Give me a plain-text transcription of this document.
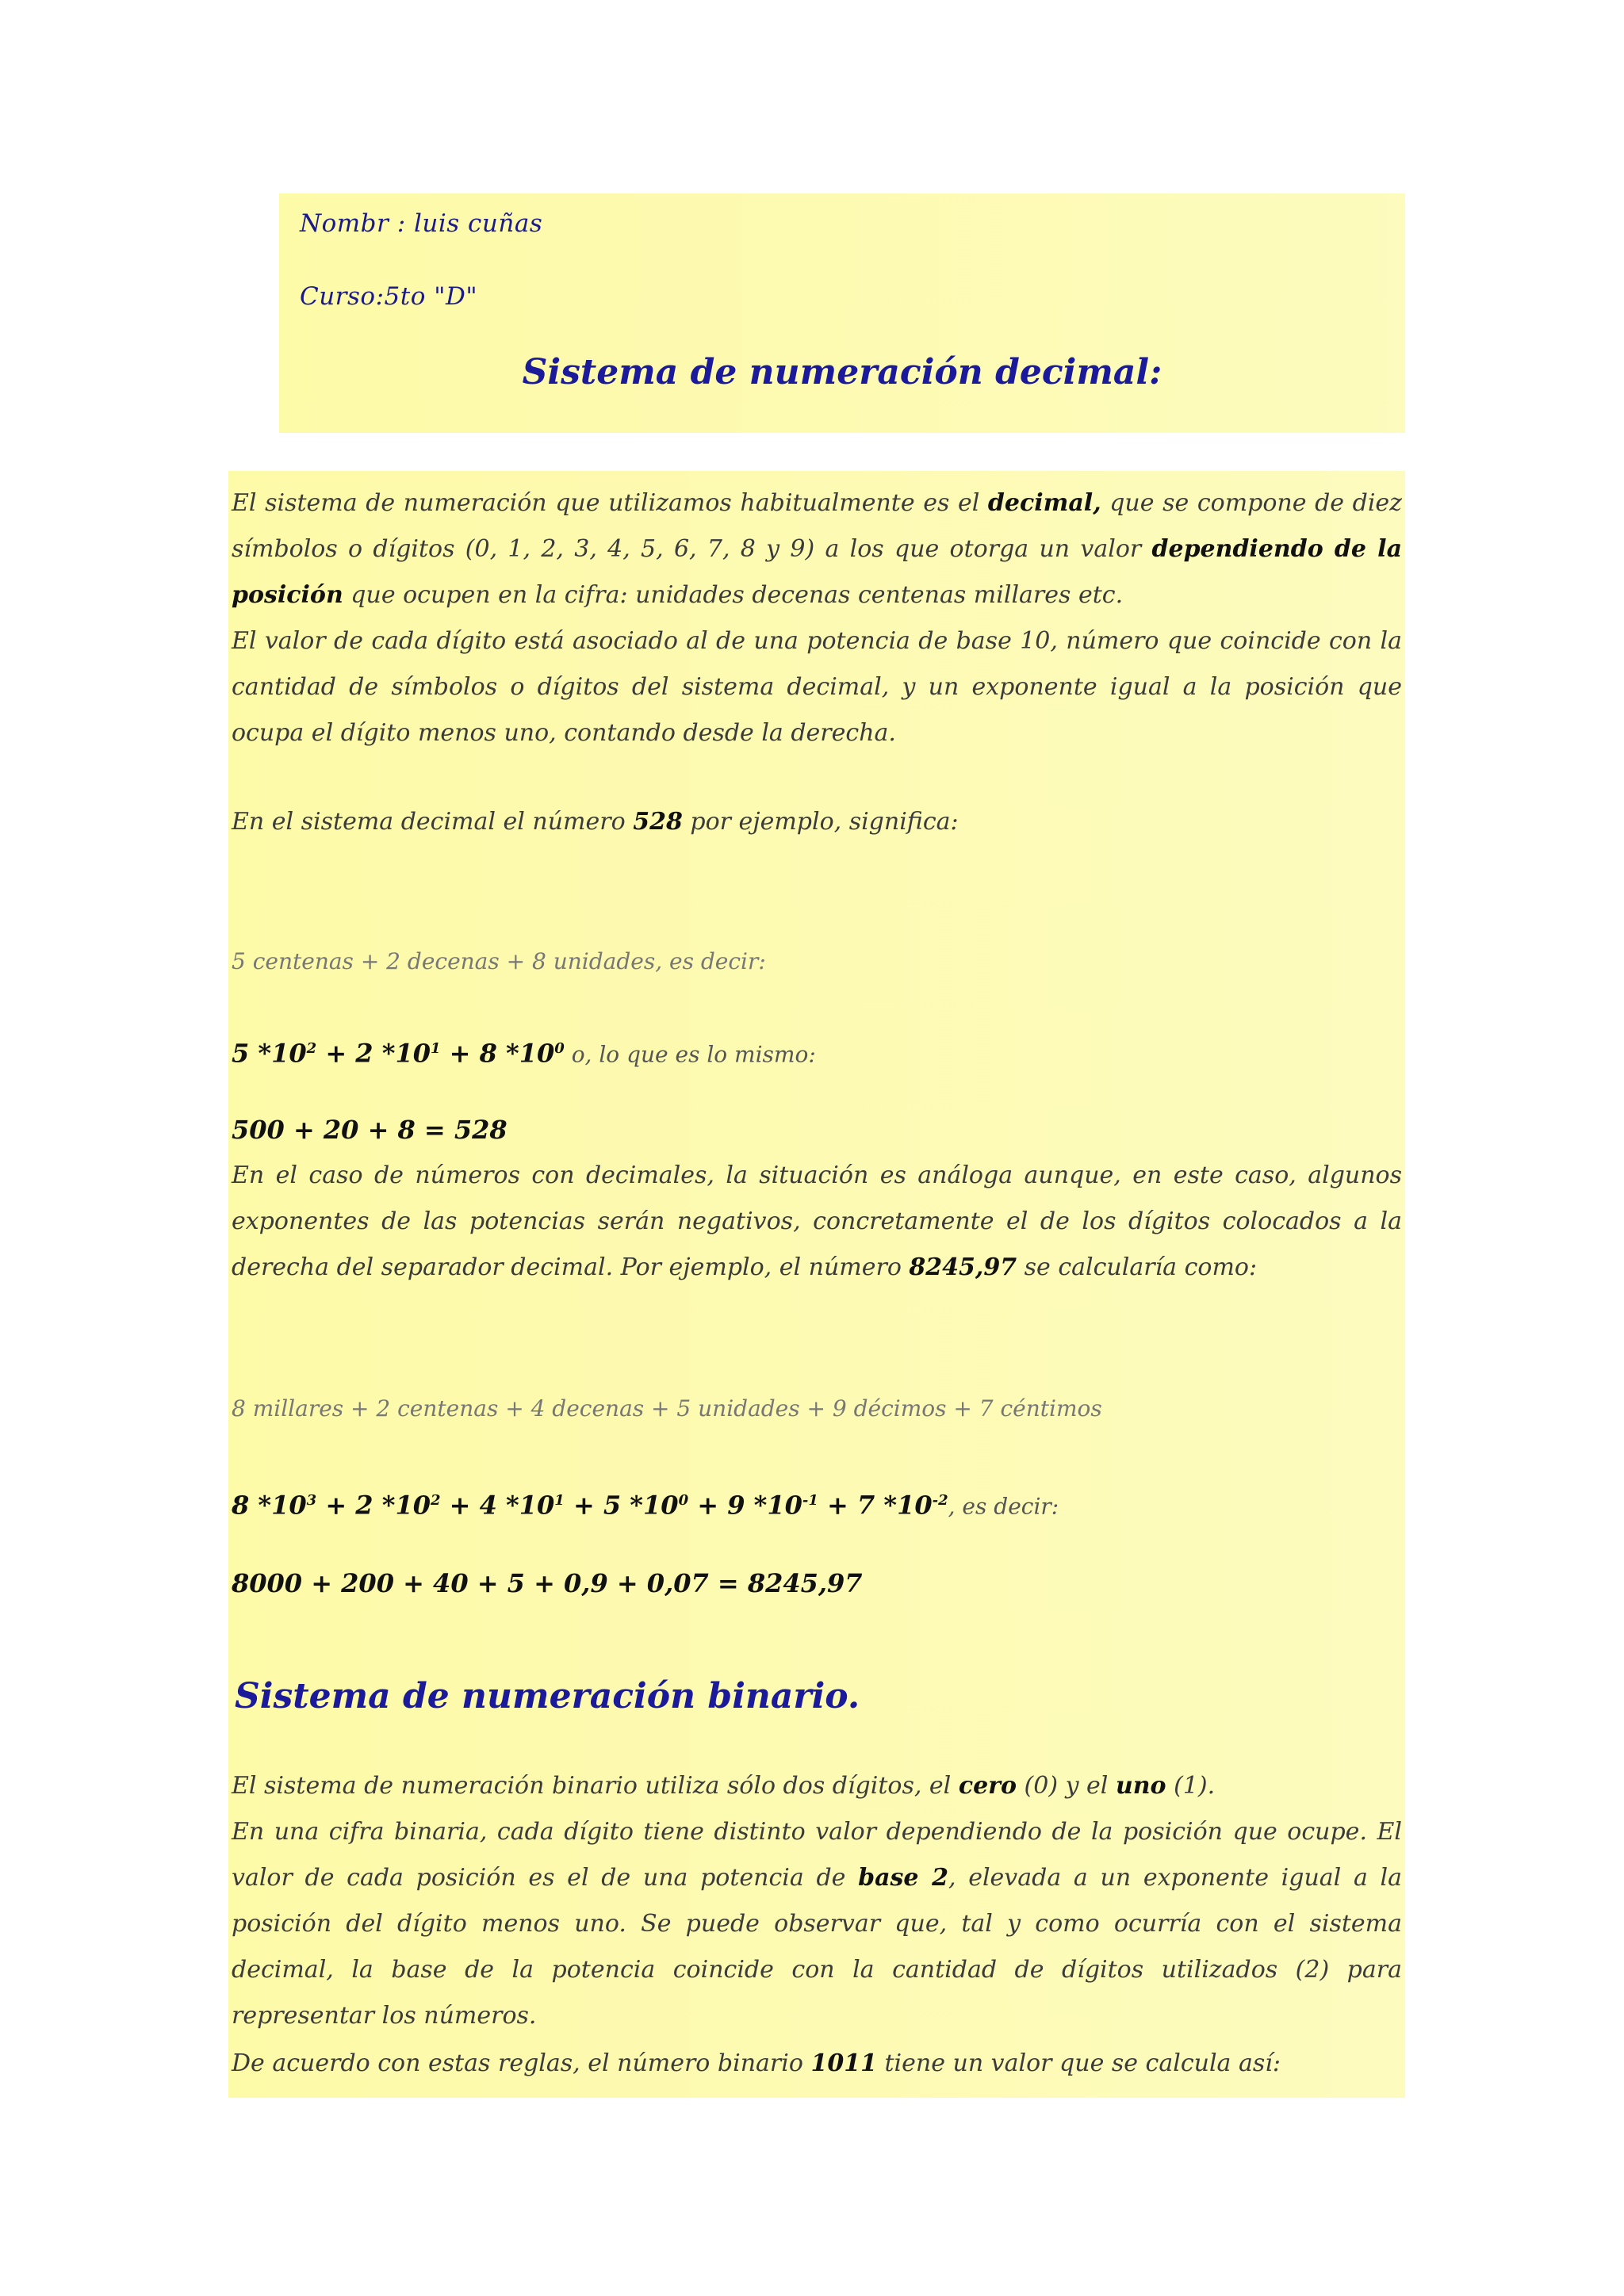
Nombr : luis cuñas
Curso:5to "D"
Sistema de numeración decimal:
El sistema de numeración que utilizamos habitualmente es el decimal, que se compone de diez símbolos o dígitos (0, 1, 2, 3, 4, 5, 6, 7, 8 y 9) a los que otorga un valor dependiendo de la posición que ocupen en la cifra: unidades decenas centenas millares etc.
El valor de cada dígito está asociado al de una potencia de base 10, número que coincide con la cantidad de símbolos o dígitos del sistema decimal, y un exponente igual a la posición que ocupa el dígito menos uno, contando desde la derecha.
En el sistema decimal el número 528 por ejemplo, significa:
5 centenas + 2 decenas + 8 unidades, es decir:
5 $*10^2 + 2$ $*10^1 + 8$ $*10^0$ o, lo que es lo mismo:
500 + 20 + 8 = 528
En el caso de números con decimales, la situación es análoga aunque, en este caso, algunos exponentes de las potencias serán negativos, concretamente el de los dígitos colocados a la derecha del separador decimal. Por ejemplo, el número 8245,97 se calcularía como:
8 millares + 2 centenas + 4 decenas + 5 unidades + 9 décimos + 7 céntimos
8 $*10^3 + 2$ $*10^2 + 4$ $*10^1 + 5$ $*10^0 + 9$ $*10^{-1} + 7$ $*10^{-2}$, es decir:
8000 + 200 + 40 + 5 + 0,9 + 0,07 = 8245,97
Sistema de numeración binario.
El sistema de numeración binario utiliza sólo dos dígitos, el cero (0) y el uno (1).
En una cifra binaria, cada dígito tiene distinto valor dependiendo de la posición que ocupe. El valor de cada posición es el de una potencia de base 2, elevada a un exponente igual a la posición del dígito menos uno. Se puede observar que, tal y como ocurría con el sistema decimal, la base de la potencia coincide con la cantidad de dígitos utilizados (2) para representar los números.
De acuerdo con estas reglas, el número binario 1011 tiene un valor que se calcula así:
